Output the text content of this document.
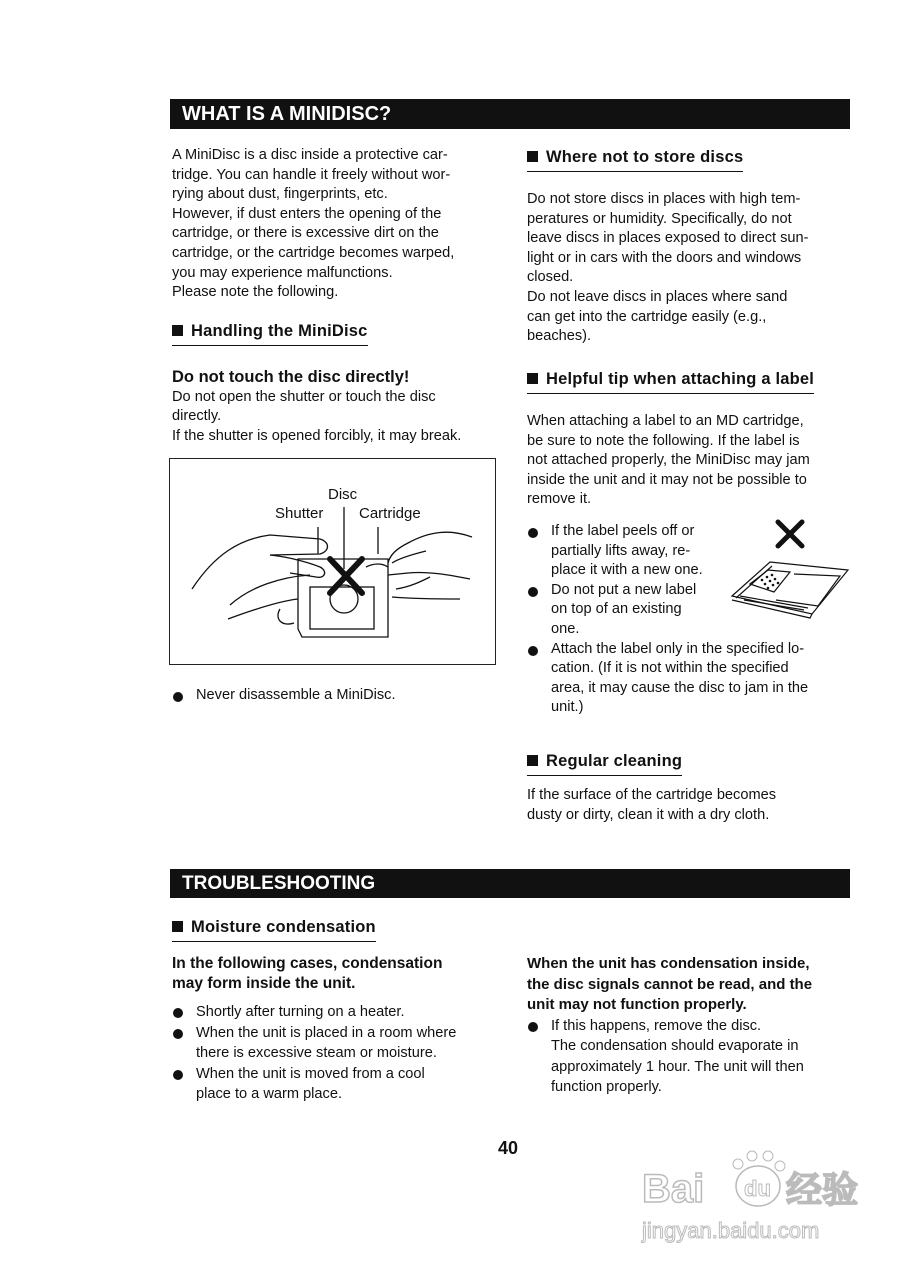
WHAT IS A MINIDISC?

A MiniDisc is a disc inside a protective car-

tridge. You can handle it freely without wor-

rying about dust, fingerprints, etc.

However, if dust enters the opening of the

cartridge, or there is excessive dirt on the

cartridge, or the cartridge becomes warped,

you may experience malfunctions.

Please note the following.

Handling the MiniDisc

Do not touch the disc directly!

Do not open the shutter or touch the disc

directly.

If the shutter is opened forcibly, it may break.

Disc
Shutter Cartridge
Never disassemble a MiniDisc.
Where not to store discs

Do not store discs in places with high tem-

peratures or humidity. Specifically, do not

leave discs in places exposed to direct sun-

light or in cars with the doors and windows

closed.

Do not leave discs in places where sand

can get into the cartridge easily (e.g.,

beaches).

Helpful tip when attaching a label

When attaching a label to an MD cartridge,

be sure to note the following. If the label is

not attached properly, the MiniDisc may jam

inside the unit and it may not be possible to

remove it.

If the label peels off or

partially lifts away, re-

place it with a new one.

Do not put a new label

on top of an existing

one.

Attach the label only in the specified lo-

cation. (If it is not within the specified

area, it may cause the disc to jam in the

unit.)

Regular cleaning

If the surface of the cartridge becomes

dusty or dirty, clean it with a dry cloth.

TROUBLESHOOTING
Moisture condensation

In the following cases, condensation

may form inside the unit.

Shortly after turning on a heater.

When the unit is placed in a room where

there is excessive steam or moisture.

When the unit is moved from a cool

place to a warm place.

When the unit has condensation inside,

the disc signals cannot be read, and the

unit may not function properly.

If this happens, remove the disc.

The condensation should evaporate in

approximately 1 hour. The unit will then

function properly.

40
Bai du 经验
jingyan.baidu.com
